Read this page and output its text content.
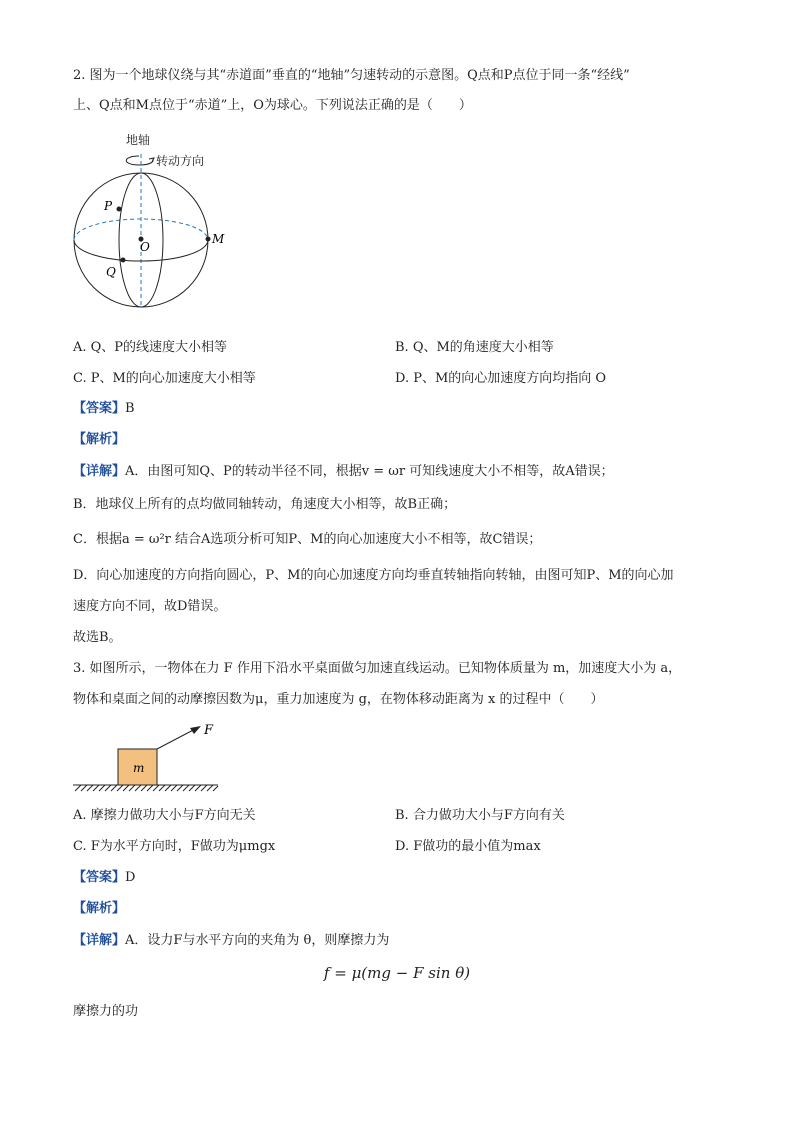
2. 图为一个地球仪绕与其“赤道面”垂直的“地轴”匀速转动的示意图。Q点和P点位于同一条“经线”
上、Q点和M点位于“赤道”上，O为球心。下列说法正确的是（　　）
地轴
转动方向
P
O
M
Q
A. Q、P的线速度大小相等	B. Q、M的角速度大小相等
C. P、M的向心加速度大小相等	D. P、M的向心加速度方向均指向 O
【答案】B
【解析】
【详解】A．由图可知Q、P的转动半径不同，根据v = ωr 可知线速度大小不相等，故A错误；
B．地球仪上所有的点均做同轴转动，角速度大小相等，故B正确；
C．根据a = ω²r 结合A选项分析可知P、M的向心加速度大小不相等，故C错误；
D．向心加速度的方向指向圆心，P、M的向心加速度方向均垂直转轴指向转轴，由图可知P、M的向心加
速度方向不同，故D错误。
故选B。
3. 如图所示，一物体在力 F 作用下沿水平桌面做匀加速直线运动。已知物体质量为 m，加速度大小为 a，
物体和桌面之间的动摩擦因数为μ，重力加速度为 g，在物体移动距离为 x 的过程中（　　）
m
F
A. 摩擦力做功大小与F方向无关	B. 合力做功大小与F方向有关
C. F为水平方向时，F做功为μmgx	D. F做功的最小值为max
【答案】D
【解析】
【详解】A．设力F与水平方向的夹角为 θ，则摩擦力为
f = μ(mg − F sin θ)
摩擦力的功
